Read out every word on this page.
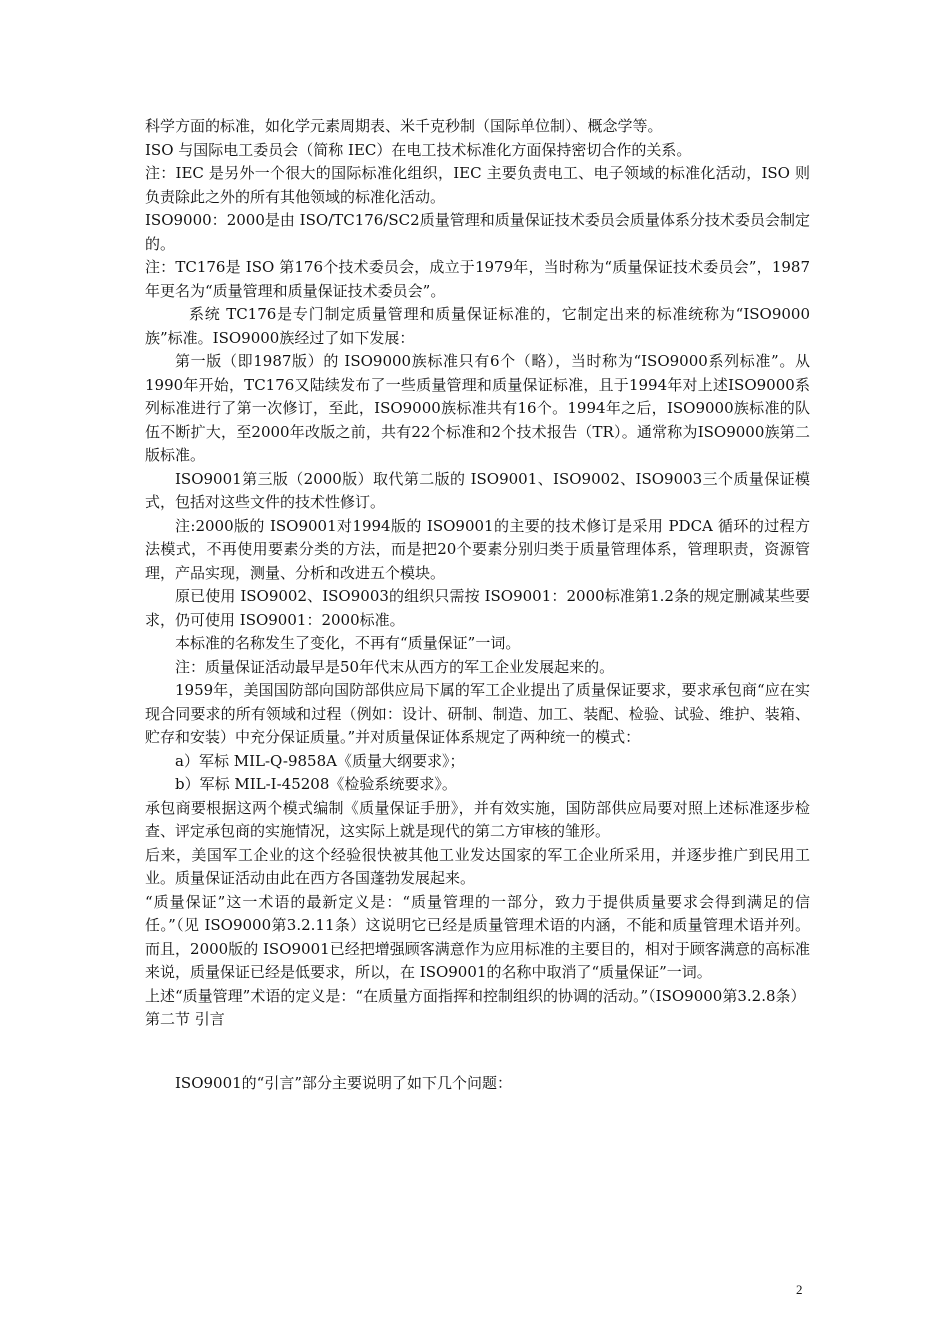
科学方面的标准，如化学元素周期表、米千克秒制（国际单位制）、概念学等。

ISO 与国际电工委员会（简称 IEC）在电工技术标准化方面保持密切合作的关系。

注：IEC 是另外一个很大的国际标准化组织，IEC 主要负责电工、电子领域的标准化活动，ISO 则负责除此之外的所有其他领域的标准化活动。

ISO9000：2000是由 ISO/TC176/SC2质量管理和质量保证技术委员会质量体系分技术委员会制定的。

注：TC176是 ISO 第176个技术委员会，成立于1979年，当时称为“质量保证技术委员会”，1987年更名为“质量管理和质量保证技术委员会”。

系统 TC176是专门制定质量管理和质量保证标准的，它制定出来的标准统称为“ISO9000族”标准。ISO9000族经过了如下发展：

第一版（即1987版）的 ISO9000族标准只有6个（略），当时称为“ISO9000系列标准”。从1990年开始，TC176又陆续发布了一些质量管理和质量保证标准，且于1994年对上述ISO9000系列标准进行了第一次修订，至此，ISO9000族标准共有16个。1994年之后，ISO9000族标准的队伍不断扩大，至2000年改版之前，共有22个标准和2个技术报告（TR）。通常称为ISO9000族第二版标准。

ISO9001第三版（2000版）取代第二版的 ISO9001、ISO9002、ISO9003三个质量保证模式，包括对这些文件的技术性修订。

注:2000版的 ISO9001对1994版的 ISO9001的主要的技术修订是采用 PDCA 循环的过程方法模式，不再使用要素分类的方法，而是把20个要素分别归类于质量管理体系，管理职责，资源管理，产品实现，测量、分析和改进五个模块。

原已使用 ISO9002、ISO9003的组织只需按 ISO9001：2000标准第1.2条的规定删减某些要求，仍可使用 ISO9001：2000标准。

本标准的名称发生了变化，不再有“质量保证”一词。

注：质量保证活动最早是50年代末从西方的军工企业发展起来的。

1959年，美国国防部向国防部供应局下属的军工企业提出了质量保证要求，要求承包商“应在实现合同要求的所有领域和过程（例如：设计、研制、制造、加工、装配、检验、试验、维护、装箱、贮存和安装）中充分保证质量。”并对质量保证体系规定了两种统一的模式：

a）军标 MIL-Q-9858A《质量大纲要求》；

b）军标 MIL-I-45208《检验系统要求》。

承包商要根据这两个模式编制《质量保证手册》，并有效实施，国防部供应局要对照上述标准逐步检查、评定承包商的实施情况，这实际上就是现代的第二方审核的雏形。

后来，美国军工企业的这个经验很快被其他工业发达国家的军工企业所采用，并逐步推广到民用工业。质量保证活动由此在西方各国蓬勃发展起来。

“质量保证”这一术语的最新定义是：“质量管理的一部分，致力于提供质量要求会得到满足的信任。”（见 ISO9000第3.2.11条）这说明它已经是质量管理术语的内涵，不能和质量管理术语并列。而且，2000版的 ISO9001已经把增强顾客满意作为应用标准的主要目的，相对于顾客满意的高标准来说，质量保证已经是低要求，所以，在 ISO9001的名称中取消了“质量保证”一词。

上述“质量管理”术语的定义是：“在质量方面指挥和控制组织的协调的活动。”（ISO9000第3.2.8条）

第二节 引言

ISO9001的“引言”部分主要说明了如下几个问题：

2
